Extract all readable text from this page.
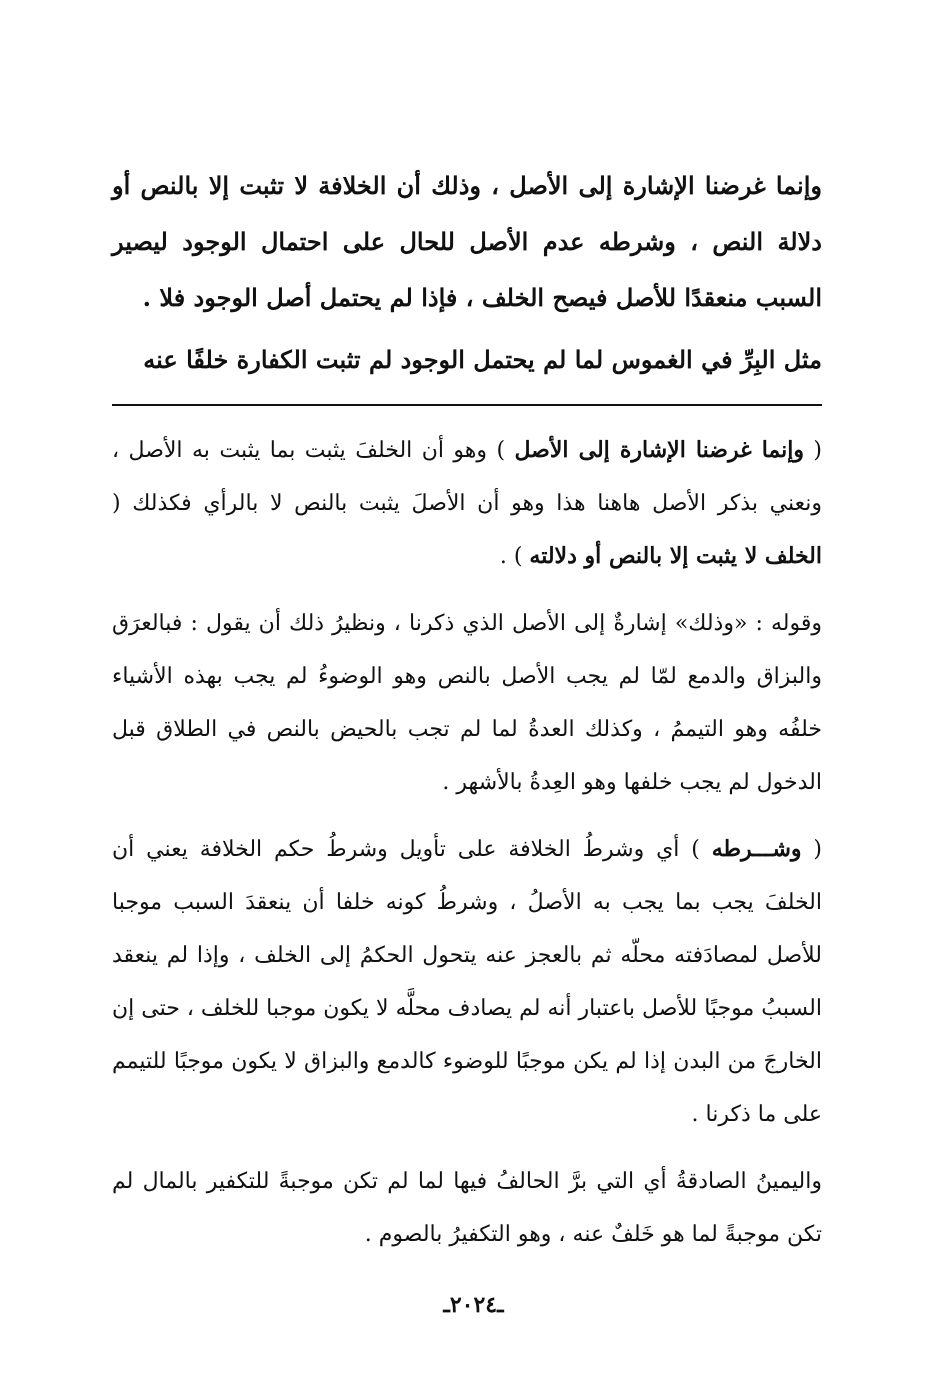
وإنما غرضنا الإشارة إلى الأصل ، وذلك أن الخلافة لا تثبت إلا بالنص أو دلالة النص ، وشرطه عدم الأصل للحال على احتمال الوجود ليصير السبب منعقدًا للأصل فيصح الخلف ، فإذا لم يحتمل أصل الوجود فلا .

مثل البِرِّ في الغموس لما لم يحتمل الوجود لم تثبت الكفارة خلفًا عنه

( وإنما غرضنا الإشارة إلى الأصل ) وهو أن الخلفَ يثبت بما يثبت به الأصل ، ونعني بذكر الأصل هاهنا هذا وهو أن الأصلَ يثبت بالنص لا بالرأي فكذلك ( الخلف لا يثبت إلا بالنص أو دلالته ) .

وقوله : «وذلك» إشارةٌ إلى الأصل الذي ذكرنا ، ونظيرُ ذلك أن يقول : فبالعرَق والبزاق والدمع لمّا لم يجب الأصل بالنص وهو الوضوءُ لم يجب بهذه الأشياء خلفُه وهو التيممُ ، وكذلك العدةُ لما لم تجب بالحيض بالنص في الطلاق قبل الدخول لم يجب خلفها وهو العِدةُ بالأشهر .

( وشـــرطه ) أي وشرطُ الخلافة على تأويل وشرطُ حكم الخلافة يعني أن الخلفَ يجب بما يجب به الأصلُ ، وشرطُ كونه خلفا أن ينعقدَ السبب موجبا للأصل لمصادَفته محلّه ثم بالعجز عنه يتحول الحكمُ إلى الخلف ، وإذا لم ينعقد السببُ موجبًا للأصل باعتبار أنه لم يصادف محلَّه لا يكون موجبا للخلف ، حتى إن الخارجَ من البدن إذا لم يكن موجبًا للوضوء كالدمع والبزاق لا يكون موجبًا للتيمم على ما ذكرنا .

واليمينُ الصادقةُ أي التي برَّ الحالفُ فيها لما لم تكن موجبةً للتكفير بالمال لم تكن موجبةً لما هو خَلفٌ عنه ، وهو التكفيرُ بالصوم .

ـ٢٠٢٤ـ
